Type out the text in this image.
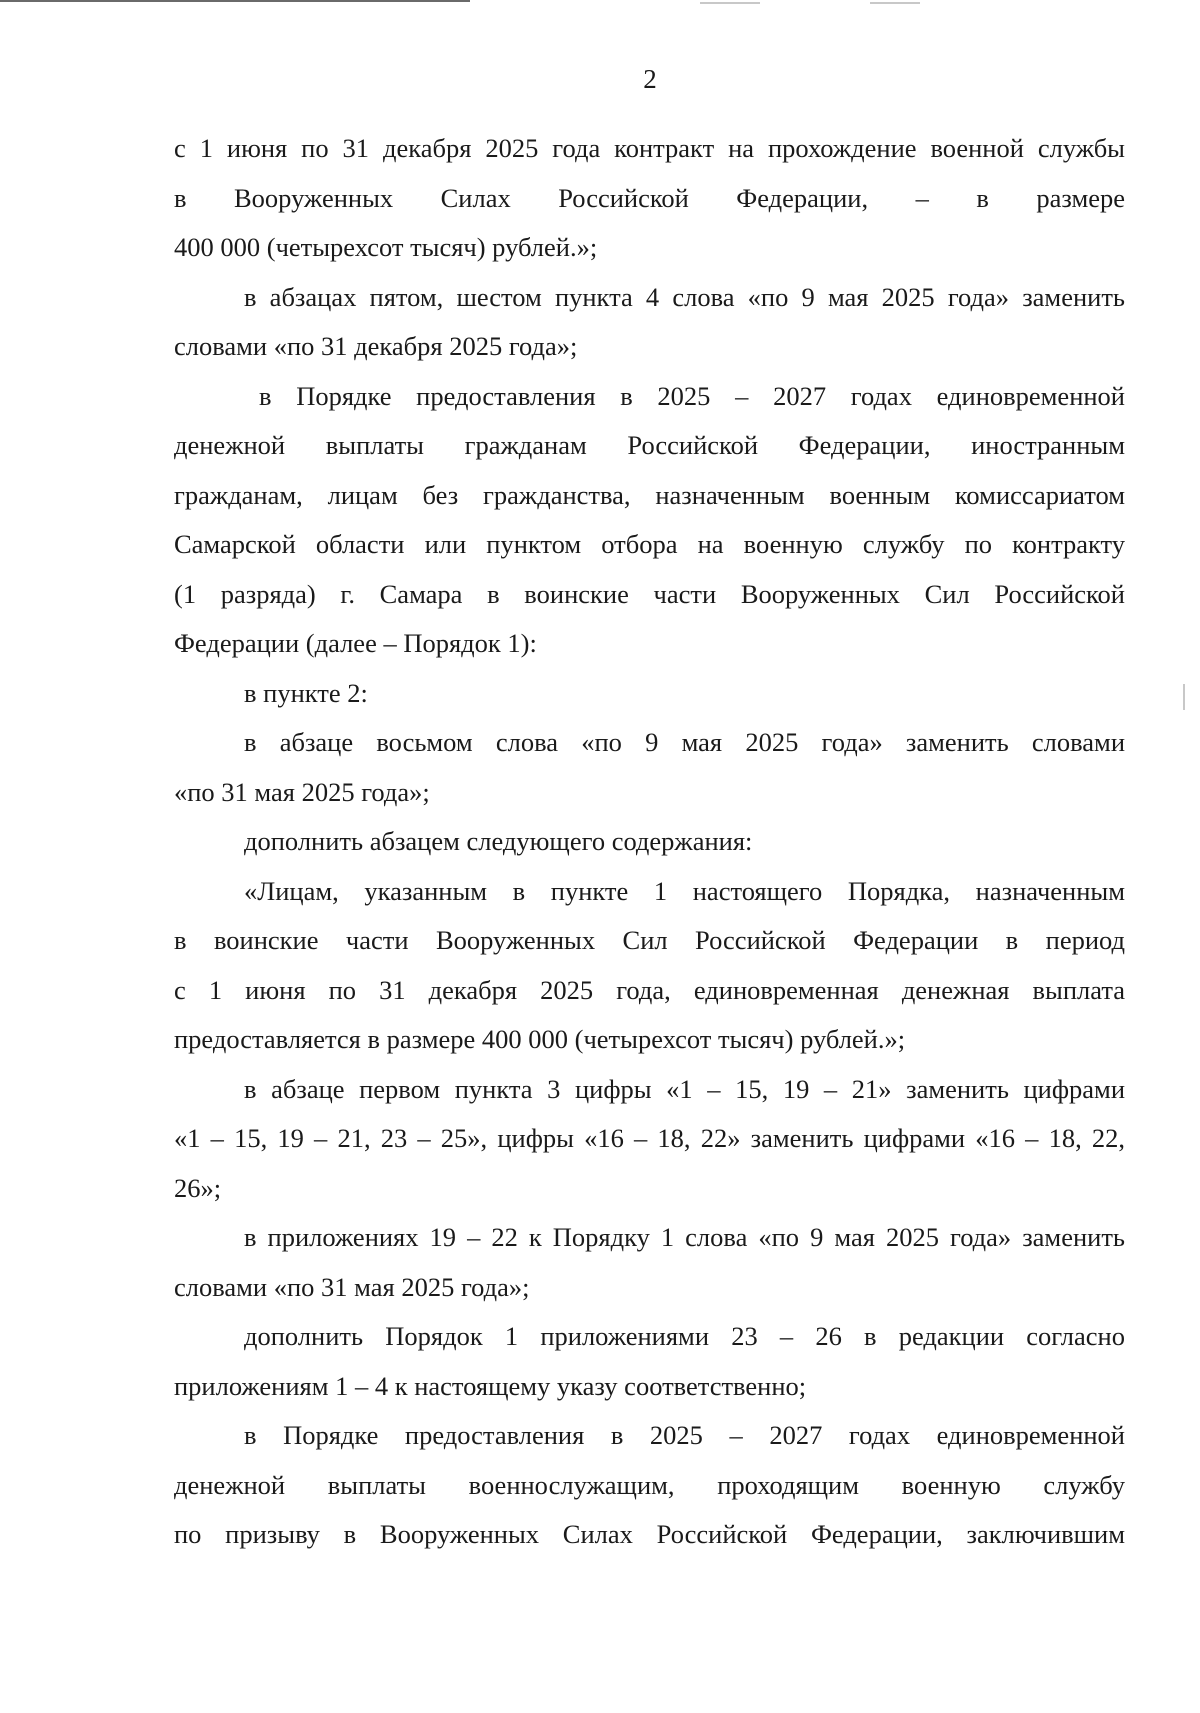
2
с 1 июня по 31 декабря 2025 года контракт на прохождение военной службы
в Вооруженных Силах Российской Федерации, – в размере
400 000 (четырехсот тысяч) рублей.»;
в абзацах пятом, шестом пункта 4 слова «по 9 мая 2025 года» заменить
словами «по 31 декабря 2025 года»;
в Порядке предоставления в 2025 – 2027 годах единовременной
денежной выплаты гражданам Российской Федерации, иностранным
гражданам, лицам без гражданства, назначенным военным комиссариатом
Самарской области или пунктом отбора на военную службу по контракту
(1 разряда) г. Самара в воинские части Вооруженных Сил Российской
Федерации (далее – Порядок 1):
в пункте 2:
в абзаце восьмом слова «по 9 мая 2025 года» заменить словами
«по 31 мая 2025 года»;
дополнить абзацем следующего содержания:
«Лицам, указанным в пункте 1 настоящего Порядка, назначенным
в воинские части Вооруженных Сил Российской Федерации в период
с 1 июня по 31 декабря 2025 года, единовременная денежная выплата
предоставляется в размере 400 000 (четырехсот тысяч) рублей.»;
в абзаце первом пункта 3 цифры «1 – 15, 19 – 21» заменить цифрами
«1 – 15, 19 – 21, 23 – 25», цифры «16 – 18, 22» заменить цифрами «16 – 18, 22,
26»;
в приложениях 19 – 22 к Порядку 1 слова «по 9 мая 2025 года» заменить
словами «по 31 мая 2025 года»;
дополнить Порядок 1 приложениями 23 – 26 в редакции согласно
приложениям 1 – 4 к настоящему указу соответственно;
в Порядке предоставления в 2025 – 2027 годах единовременной
денежной выплаты военнослужащим, проходящим военную службу
по призыву в Вооруженных Силах Российской Федерации, заключившим
